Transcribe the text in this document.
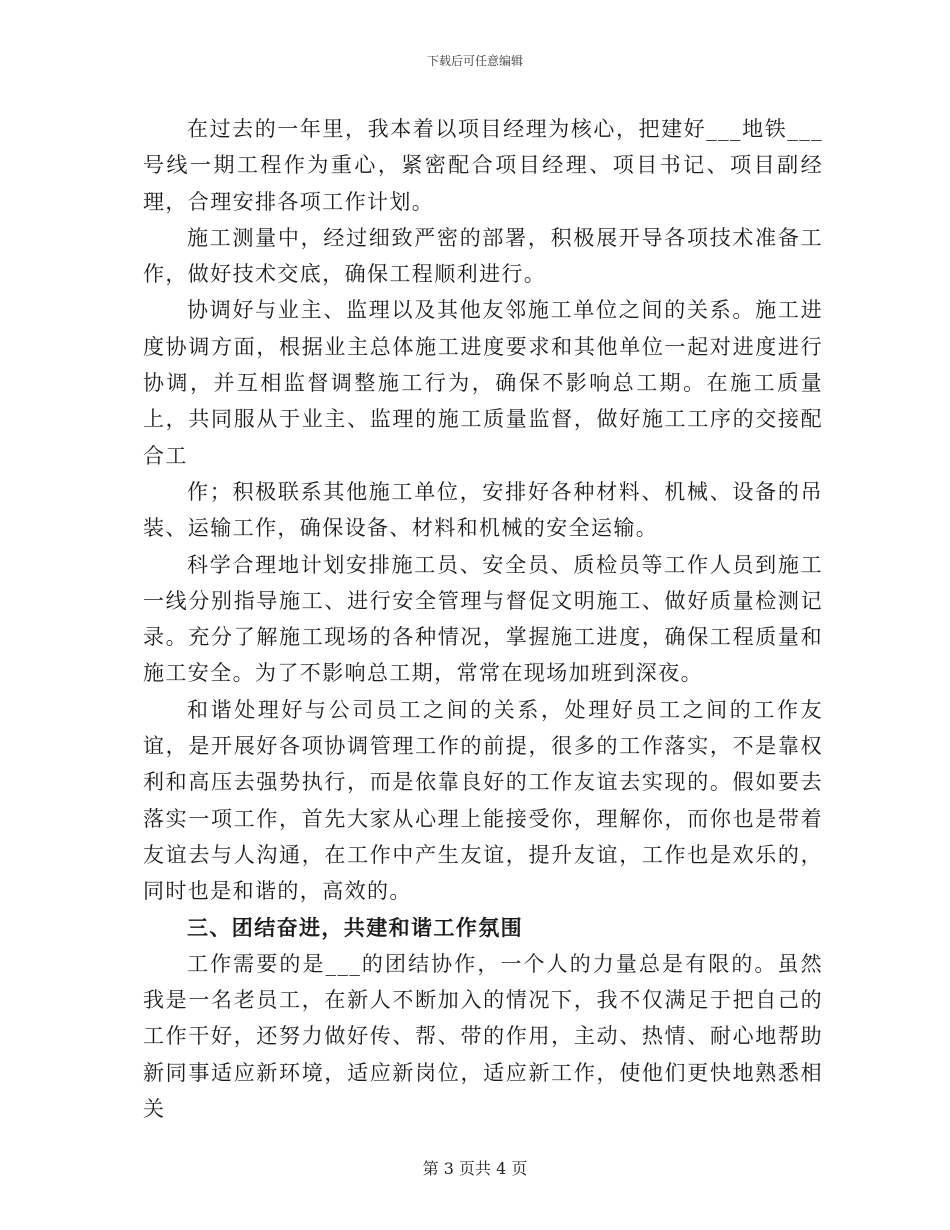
下载后可任意编辑

在过去的一年里，我本着以项目经理为核心，把建好___地铁___号线一期工程作为重心，紧密配合项目经理、项目书记、项目副经理，合理安排各项工作计划。

施工测量中，经过细致严密的部署，积极展开导各项技术准备工作，做好技术交底，确保工程顺利进行。

协调好与业主、监理以及其他友邻施工单位之间的关系。施工进度协调方面，根据业主总体施工进度要求和其他单位一起对进度进行协调，并互相监督调整施工行为，确保不影响总工期。在施工质量上，共同服从于业主、监理的施工质量监督，做好施工工序的交接配合工

作；积极联系其他施工单位，安排好各种材料、机械、设备的吊装、运输工作，确保设备、材料和机械的安全运输。

科学合理地计划安排施工员、安全员、质检员等工作人员到施工一线分别指导施工、进行安全管理与督促文明施工、做好质量检测记录。充分了解施工现场的各种情况，掌握施工进度，确保工程质量和施工安全。为了不影响总工期，常常在现场加班到深夜。

和谐处理好与公司员工之间的关系，处理好员工之间的工作友谊，是开展好各项协调管理工作的前提，很多的工作落实，不是靠权利和高压去强势执行，而是依靠良好的工作友谊去实现的。假如要去落实一项工作，首先大家从心理上能接受你，理解你，而你也是带着友谊去与人沟通，在工作中产生友谊，提升友谊，工作也是欢乐的，同时也是和谐的，高效的。

三、团结奋进，共建和谐工作氛围

工作需要的是___的团结协作，一个人的力量总是有限的。虽然我是一名老员工，在新人不断加入的情况下，我不仅满足于把自己的工作干好，还努力做好传、帮、带的作用，主动、热情、耐心地帮助新同事适应新环境，适应新岗位，适应新工作，使他们更快地熟悉相关

第 3 页共 4 页
